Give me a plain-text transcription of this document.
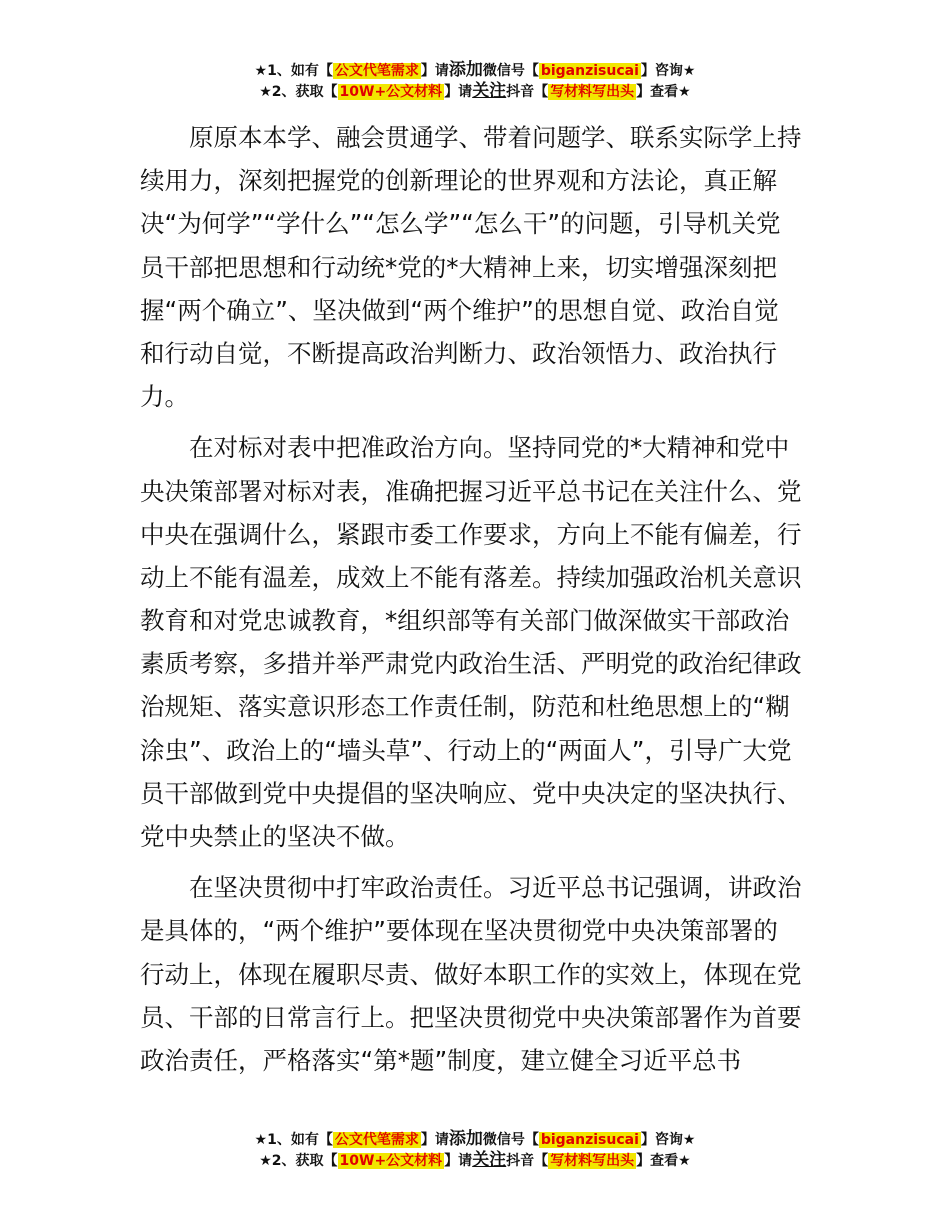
★1、如有【 公文代笔需求 】请添加微信号【 biganzisucai 】咨询★
★2、获取【 10W+公文材料 】请关注抖音【 写材料写出头 】查看★
原原本本学、融会贯通学、带着问题学、联系实际学上持
续用力，深刻把握党的创新理论的世界观和方法论，真正解
决“为何学”“学什么”“怎么学”“怎么干”的问题，引导机关党
员干部把思想和行动统*党的*大精神上来，切实增强深刻把
握“两个确立”、坚决做到“两个维护”的思想自觉、政治自觉
和行动自觉，不断提高政治判断力、政治领悟力、政治执行
力。
在对标对表中把准政治方向。坚持同党的*大精神和党中
央决策部署对标对表，准确把握习近平总书记在关注什么、党
中央在强调什么，紧跟市委工作要求，方向上不能有偏差，行
动上不能有温差，成效上不能有落差。持续加强政治机关意识
教育和对党忠诚教育，*组织部等有关部门做深做实干部政治
素质考察，多措并举严肃党内政治生活、严明党的政治纪律政
治规矩、落实意识形态工作责任制，防范和杜绝思想上的“糊
涂虫”、政治上的“墙头草”、行动上的“两面人”，引导广大党
员干部做到党中央提倡的坚决响应、党中央决定的坚决执行、
党中央禁止的坚决不做。
在坚决贯彻中打牢政治责任。习近平总书记强调，讲政治
是具体的，“两个维护”要体现在坚决贯彻党中央决策部署的
行动上，体现在履职尽责、做好本职工作的实效上，体现在党
员、干部的日常言行上。把坚决贯彻党中央决策部署作为首要
政治责任，严格落实“第*题”制度，建立健全习近平总书
★1、如有【 公文代笔需求 】请添加微信号【 biganzisucai 】咨询★
★2、获取【 10W+公文材料 】请关注抖音【 写材料写出头 】查看★
